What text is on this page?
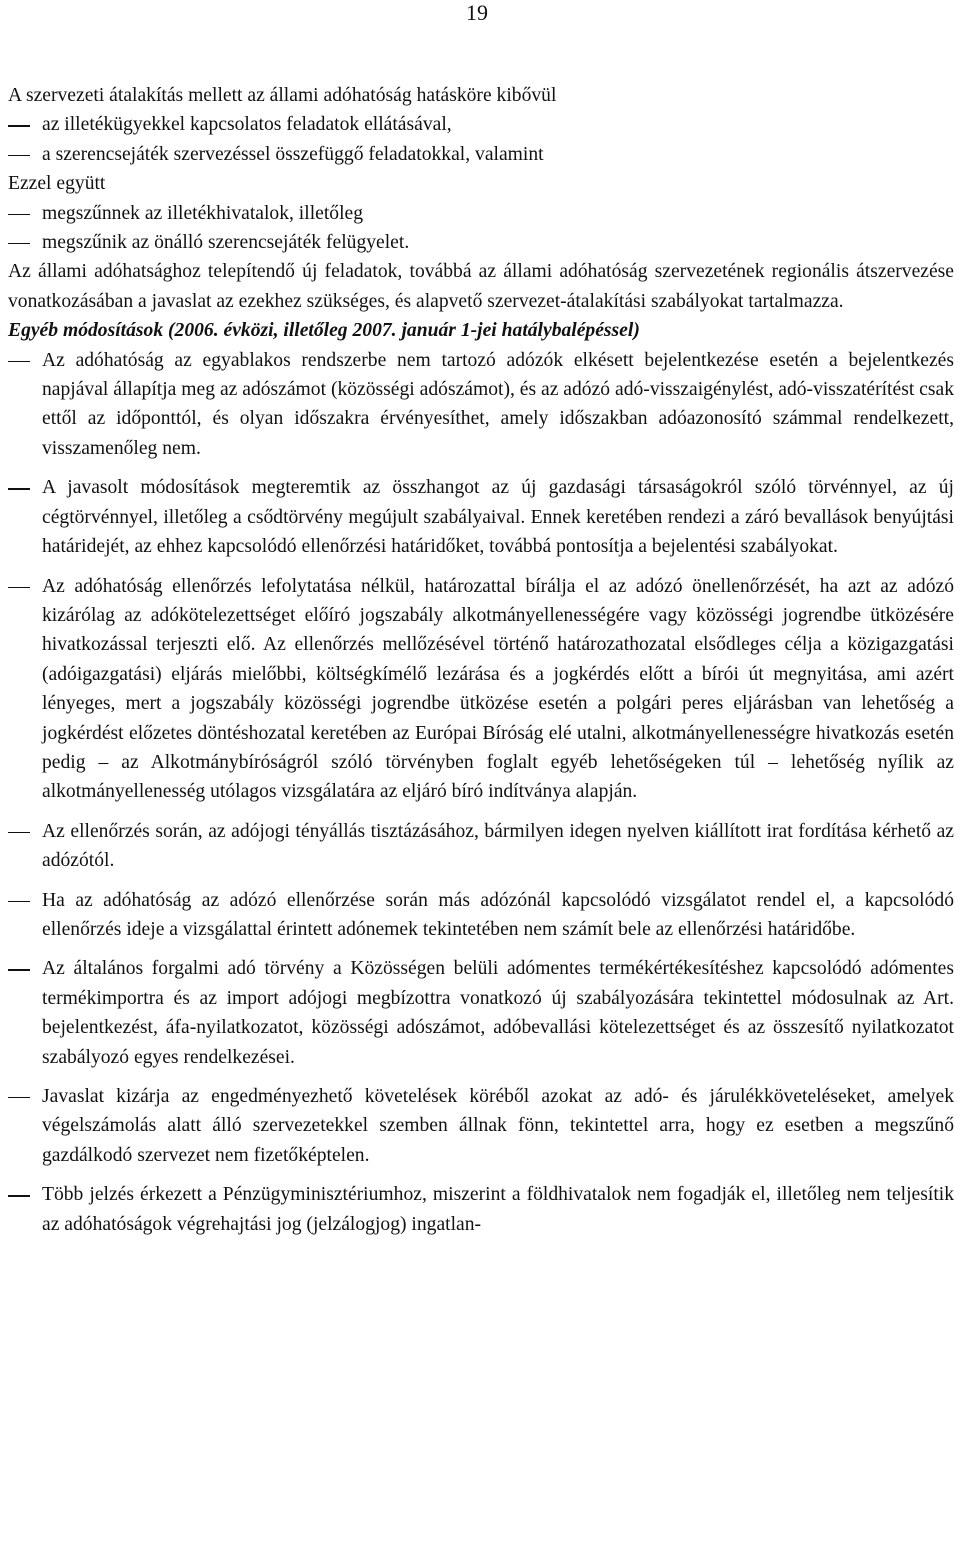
19

A szervezeti átalakítás mellett az állami adóhatóság hatásköre kibővül

az illetékügyekkel kapcsolatos feladatok ellátásával,
a szerencsejáték szervezéssel összefüggő feladatokkal, valamint

Ezzel együtt

megszűnnek az illetékhivatalok, illetőleg
megszűnik az önálló szerencsejáték felügyelet.

Az állami adóhatsághoz telepítendő új feladatok, továbbá az állami adóhatóság szervezetének regionális átszervezése vonatkozásában a javaslat az ezekhez szükséges, és alapvető szervezet-átalakítási szabályokat tartalmazza.

Egyéb módosítások (2006. évközi, illetőleg 2007. január 1-jei hatálybalépéssel)

Az adóhatóság az egyablakos rendszerbe nem tartozó adózók elkésett bejelentkezése esetén a bejelentkezés napjával állapítja meg az adószámot (közösségi adószámot), és az adózó adó-visszaigénylést, adó-visszatérítést csak ettől az időponttól, és olyan időszakra érvényesíthet, amely időszakban adóazonosító számmal rendelkezett, visszamenőleg nem.
A javasolt módosítások megteremtik az összhangot az új gazdasági társaságokról szóló törvénnyel, az új cégtörvénnyel, illetőleg a csődtörvény megújult szabályaival. Ennek keretében rendezi a záró bevallások benyújtási határidejét, az ehhez kapcsolódó ellenőrzési határidőket, továbbá pontosítja a bejelentési szabályokat.
Az adóhatóság ellenőrzés lefolytatása nélkül, határozattal bírálja el az adózó önellenőrzését, ha azt az adózó kizárólag az adókötelezettséget előíró jogszabály alkotmányellenességére vagy közösségi jogrendbe ütközésére hivatkozással terjeszti elő. Az ellenőrzés mellőzésével történő határozathozatal elsődleges célja a közigazgatási (adóigazgatási) eljárás mielőbbi, költségkímélő lezárása és a jogkérdés előtt a bírói út megnyitása, ami azért lényeges, mert a jogszabály közösségi jogrendbe ütközése esetén a polgári peres eljárásban van lehetőség a jogkérdést előzetes döntéshozatal keretében az Európai Bíróság elé utalni, alkotmányellenességre hivatkozás esetén pedig – az Alkotmánybíróságról szóló törvényben foglalt egyéb lehetőségeken túl – lehetőség nyílik az alkotmányellenesség utólagos vizsgálatára az eljáró bíró indítványa alapján.
Az ellenőrzés során, az adójogi tényállás tisztázásához, bármilyen idegen nyelven kiállított irat fordítása kérhető az adózótól.
Ha az adóhatóság az adózó ellenőrzése során más adózónál kapcsolódó vizsgálatot rendel el, a kapcsolódó ellenőrzés ideje a vizsgálattal érintett adónemek tekintetében nem számít bele az ellenőrzési határidőbe.
Az általános forgalmi adó törvény a Közösségen belüli adómentes termékértékesítéshez kapcsolódó adómentes termékimportra és az import adójogi megbízottra vonatkozó új szabályozására tekintettel módosulnak az Art. bejelentkezést, áfa-nyilatkozatot, közösségi adószámot, adóbevallási kötelezettséget és az összesítő nyilatkozatot szabályozó egyes rendelkezései.
Javaslat kizárja az engedményezhető követelések köréből azokat az adó- és járulékköveteléseket, amelyek végelszámolás alatt álló szervezetekkel szemben állnak fönn, tekintettel arra, hogy ez esetben a megszűnő gazdálkodó szervezet nem fizetőképtelen.
Több jelzés érkezett a Pénzügyminisztériumhoz, miszerint a földhivatalok nem fogadják el, illetőleg nem teljesítik az adóhatóságok végrehajtási jog (jelzálogjog) ingatlan-
